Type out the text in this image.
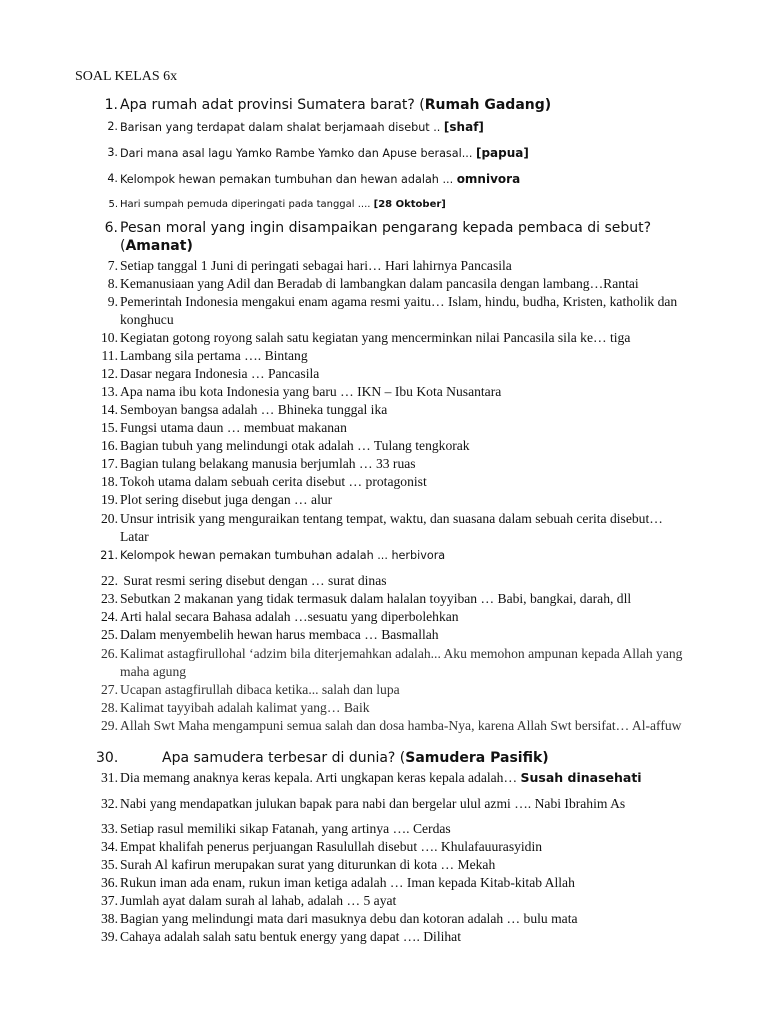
SOAL KELAS 6x
1. Apa rumah adat provinsi Sumatera barat? (Rumah Gadang)
2. Barisan yang terdapat dalam shalat berjamaah disebut .. [shaf]
3. Dari mana asal lagu Yamko Rambe Yamko dan Apuse berasal... [papua]
4. Kelompok hewan pemakan tumbuhan dan hewan adalah ... omnivora
5. Hari sumpah pemuda diperingati pada tanggal .... [28 Oktober]
6. Pesan moral yang ingin disampaikan pengarang kepada pembaca di sebut? (Amanat)
7. Setiap tanggal 1 Juni di peringati sebagai hari… Hari lahirnya Pancasila
8. Kemanusiaan yang Adil dan Beradab di lambangkan dalam pancasila dengan lambang…Rantai
9. Pemerintah Indonesia mengakui enam agama resmi yaitu… Islam, hindu, budha, Kristen, katholik dan konghucu
10. Kegiatan gotong royong salah satu kegiatan yang mencerminkan nilai Pancasila sila ke… tiga
11. Lambang sila pertama …. Bintang
12. Dasar negara Indonesia … Pancasila
13. Apa nama ibu kota Indonesia yang baru … IKN – Ibu Kota Nusantara
14. Semboyan bangsa adalah … Bhineka tunggal ika
15. Fungsi utama daun … membuat makanan
16. Bagian tubuh yang melindungi otak adalah … Tulang tengkorak
17. Bagian tulang belakang manusia berjumlah … 33 ruas
18. Tokoh utama dalam sebuah cerita disebut … protagonist
19. Plot sering disebut juga dengan … alur
20. Unsur intrisik yang menguraikan tentang tempat, waktu, dan suasana dalam sebuah cerita disebut… Latar
21. Kelompok hewan pemakan tumbuhan adalah ... herbivora
22. Surat resmi sering disebut dengan … surat dinas
23. Sebutkan 2 makanan yang tidak termasuk dalam halalan toyyiban … Babi, bangkai, darah, dll
24. Arti halal secara Bahasa adalah …sesuatu yang diperbolehkan
25. Dalam menyembelih hewan harus membaca … Basmallah
26. Kalimat astagfirullohal ‘adzim bila diterjemahkan adalah... Aku memohon ampunan kepada Allah yang maha agung
27. Ucapan astagfirullah dibaca ketika... salah dan lupa
28. Kalimat tayyibah adalah kalimat yang… Baik
29. Allah Swt Maha mengampuni semua salah dan dosa hamba-Nya, karena Allah Swt bersifat… Al-affuw
30.	Apa samudera terbesar di dunia? (Samudera Pasifik)
31. Dia memang anaknya keras kepala. Arti ungkapan keras kepala adalah… Susah dinasehati
32. Nabi yang mendapatkan julukan bapak para nabi dan bergelar ulul azmi …. Nabi Ibrahim As
33. Setiap rasul memiliki sikap Fatanah, yang artinya …. Cerdas
34. Empat khalifah penerus perjuangan Rasulullah disebut …. Khulafauurasyidin
35. Surah Al kafirun merupakan surat yang diturunkan di kota … Mekah
36. Rukun iman ada enam, rukun iman ketiga adalah … Iman kepada Kitab-kitab Allah
37. Jumlah ayat dalam surah al lahab, adalah … 5 ayat
38. Bagian yang melindungi mata dari masuknya debu dan kotoran adalah … bulu mata
39. Cahaya adalah salah satu bentuk energy yang dapat …. Dilihat
